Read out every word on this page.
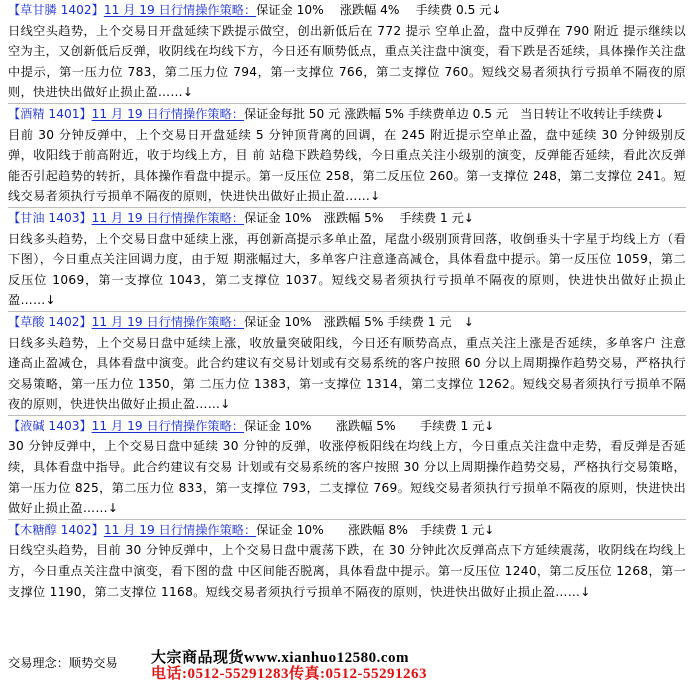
【草甘膦 1402】11 月 19 日行情操作策略：保证金 10%　 涨跌幅 4%　 手续费 0.5 元↓

日线空头趋势，上个交易日开盘延续下跌提示做空，创出新低后在 772 提示 空单止盈，盘中反弹在 790 附近 提示继续以空为主，又创新低后反弹，收阴线在均线下方，今日还有顺势低点，重点关注盘中演变，看下跌是否延续，具体操作关注盘中提示，第一压力位 783，第二压力位 794，第一支撑位 766，第二支撑位 760。短线交易者须执行亏损单不隔夜的原则，快进快出做好止损止盈……↓

【酒精 1401】11 月 19 日行情操作策略：保证金每批 50 元 涨跌幅 5% 手续费单边 0.5 元　当日转让不收转让手续费↓

目前 30 分钟反弹中，上个交易日开盘延续 5 分钟顶背离的回调，在 245 附近提示空单止盈，盘中延续 30 分钟级别反弹，收阳线于前高附近，收于均线上方，目 前 站稳下跌趋势线，今日重点关注小级别的演变，反弹能否延续，看此次反弹能否引起趋势的转折，具体操作看盘中提示。第一反压位 258，第二反压位 260。第一支撑位 248，第二支撑位 241。短线交易者须执行亏损单不隔夜的原则，快进快出做好止损止盈……↓

【甘油 1403】11 月 19 日行情操作策略：保证金 10%　涨跌幅 5%　 手续费 1 元↓

日线多头趋势，上个交易日盘中延续上涨，再创新高提示多单止盈，尾盘小级别顶背回落，收倒垂头十字星于均线上方（看下图），今日重点关注回调力度，由于短 期涨幅过大，多单客户注意逢高减仓，具体看盘中提示。第一反压位 1059，第二反压位 1069，第一支撑位 1043，第二支撑位 1037。短线交易者须执行亏损单不隔夜的原则，快进快出做好止损止盈……↓

【草酸 1402】11 月 19 日行情操作策略：保证金 10%　涨跌幅 5% 手续费 1 元　↓

日线多头趋势，上个交易日盘中延续上涨，收放量突破阳线，今日还有顺势高点，重点关注上涨是否延续，多单客户 注意逢高止盈减仓，具体看盘中演变。此合约建议有交易计划或有交易系统的客户按照 60 分以上周期操作趋势交易，严格执行交易策略，第一压力位 1350，第 二压力位 1383，第一支撑位 1314，第二支撑位 1262。短线交易者须执行亏损单不隔夜的原则，快进快出做好止损止盈……↓

【液碱 1403】11 月 19 日行情操作策略：保证金 10%　　涨跌幅 5%　　手续费 1 元↓

30 分钟反弹中，上个交易日盘中延续 30 分钟的反弹，收涨停板阳线在均线上方，今日重点关注盘中走势，看反弹是否延续，具体看盘中指导。此合约建议有交易 计划或有交易系统的客户按照 30 分以上周期操作趋势交易，严格执行交易策略，第一压力位 825，第二压力位 833，第一支撑位 793，二支撑位 769。短线交易者须执行亏损单不隔夜的原则，快进快出做好止损止盈……↓

【木糖醇 1402】11 月 19 日行情操作策略：保证金 10%　　涨跌幅 8%　手续费 1 元↓

日线空头趋势，目前 30 分钟反弹中，上个交易日盘中震荡下跌，在 30 分钟此次反弹高点下方延续震荡，收阴线在均线上方，今日重点关注盘中演变，看下图的盘 中区间能否脱离，具体看盘中提示。第一反压位 1240，第二反压位 1268，第一支撑位 1190，第二支撑位 1168。短线交易者须执行亏损单不隔夜的原则，快进快出做好止损止盈……↓

交易理念：顺势交易 大宗商品现货www.xianhuo12580.com
电话:0512-55291283传真:0512-55291263
